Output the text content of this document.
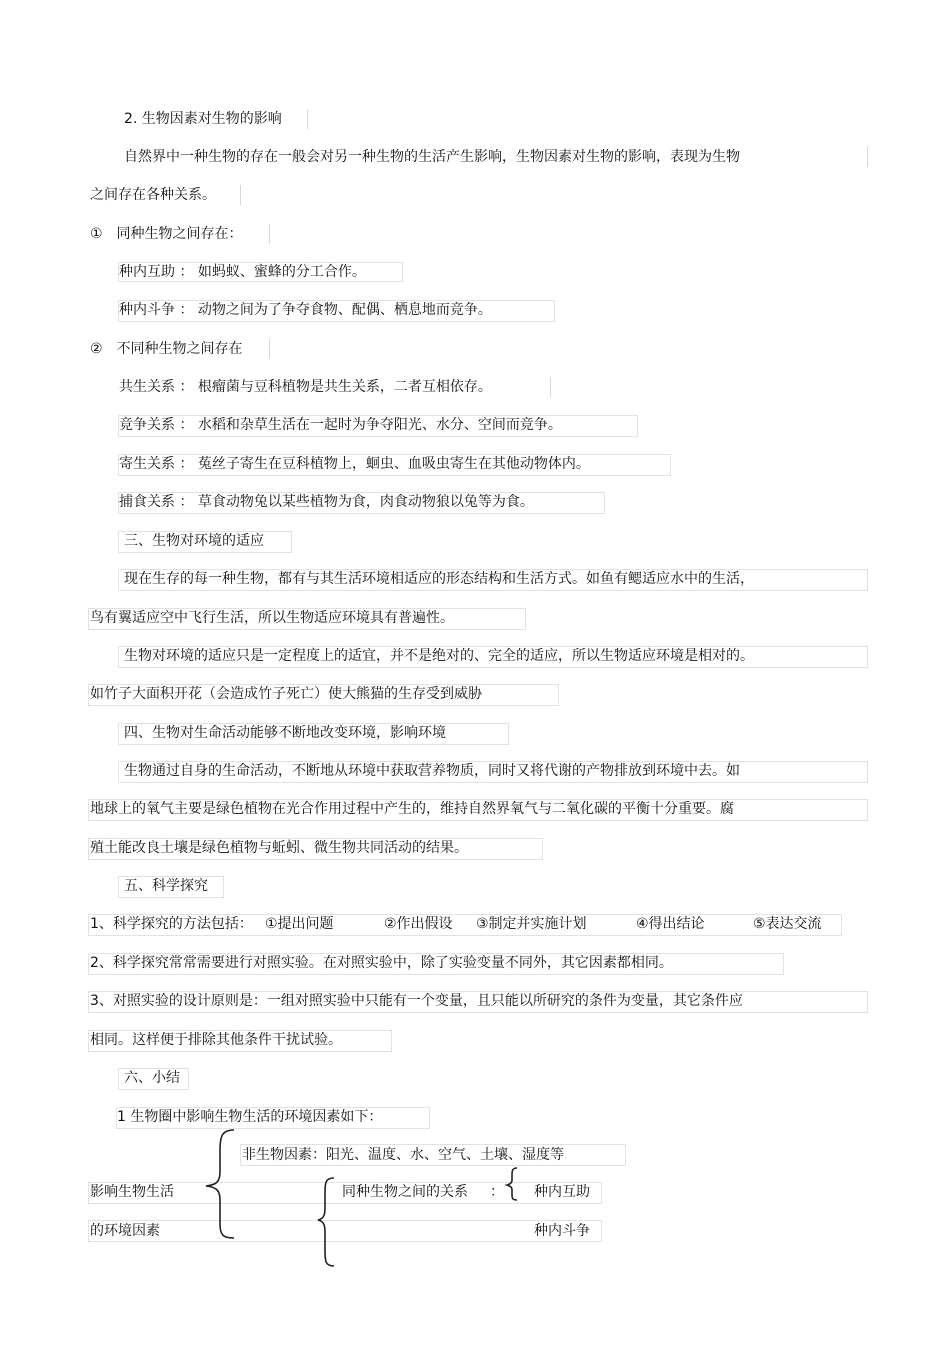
2. 生物因素对生物的影响
自然界中一种生物的存在一般会对另一种生物的生活产生影响，生物因素对生物的影响，表现为生物
之间存在各种关系。
①　同种生物之间存在：
种内互助 ： 如蚂蚁、蜜蜂的分工合作。
种内斗争 ： 动物之间为了争夺食物、配偶、栖息地而竞争。
②　不同种生物之间存在
共生关系 ： 根瘤菌与豆科植物是共生关系，二者互相依存。
竞争关系 ： 水稻和杂草生活在一起时为争夺阳光、水分、空间而竞争。
寄生关系 ： 菟丝子寄生在豆科植物上，蛔虫、血吸虫寄生在其他动物体内。
捕食关系 ： 草食动物兔以某些植物为食，肉食动物狼以兔等为食。
三、生物对环境的适应
现在生存的每一种生物，都有与其生活环境相适应的形态结构和生活方式。如鱼有鳃适应水中的生活，
鸟有翼适应空中飞行生活，所以生物适应环境具有普遍性。
生物对环境的适应只是一定程度上的适宜，并不是绝对的、完全的适应，所以生物适应环境是相对的。
如竹子大面积开花（会造成竹子死亡）使大熊猫的生存受到威胁
四、生物对生命活动能够不断地改变环境，影响环境
生物通过自身的生命活动，不断地从环境中获取营养物质，同时又将代谢的产物排放到环境中去。如
地球上的氧气主要是绿色植物在光合作用过程中产生的，维持自然界氧气与二氧化碳的平衡十分重要。腐
殖土能改良土壤是绿色植物与蚯蚓、微生物共同活动的结果。
五、科学探究
1、科学探究的方法包括： ①提出问题	②作出假设 ③制定并实施计划	④得出结论	⑤表达交流
2、科学探究常常需要进行对照实验。在对照实验中，除了实验变量不同外，其它因素都相同。
3、对照实验的设计原则是：一组对照实验中只能有一个变量，且只能以所研究的条件为变量，其它条件应
相同。这样便于排除其他条件干扰试验。
六、小结
1 生物圈中影响生物生活的环境因素如下：
非生物因素：阳光、温度、水、空气、土壤、湿度等
影响生物生活	同种生物之间的关系 ： 种内互助
的环境因素	种内斗争
